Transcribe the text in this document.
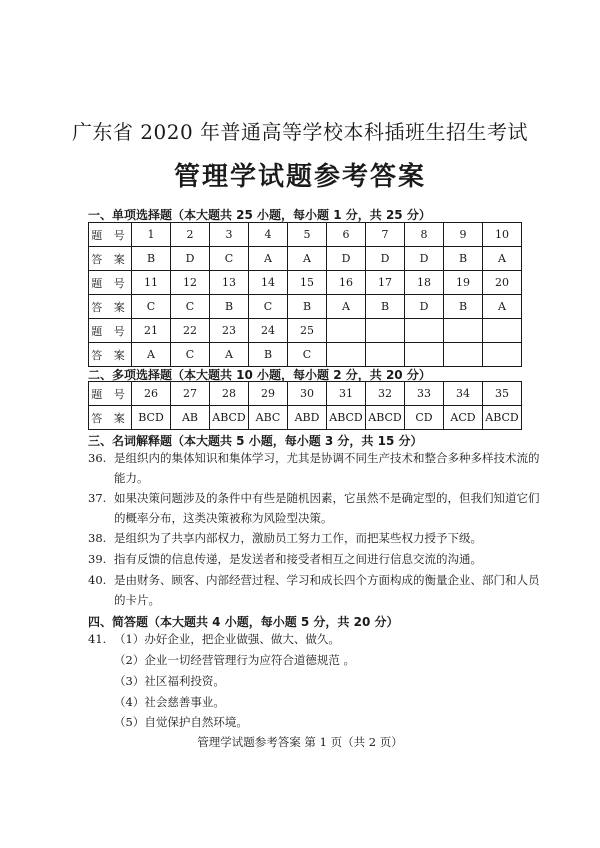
广东省 2020 年普通高等学校本科插班生招生考试
管理学试题参考答案
一、单项选择题（本大题共 25 小题，每小题 1 分，共 25 分）
题 号	1	2	3	4	5	6	7	8	9	10
答 案	B	D	C	A	A	D	D	D	B	A
题 号	11	12	13	14	15	16	17	18	19	20
答 案	C	C	B	C	B	A	B	D	B	A
题 号	21	22	23	24	25					
答 案	A	C	A	B	C					
二、多项选择题（本大题共 10 小题，每小题 2 分，共 20 分）
题 号	26	27	28	29	30	31	32	33	34	35
答 案	BCD	AB	ABCD	ABC	ABD	ABCD	ABCD	CD	ACD	ABCD
三、名词解释题（本大题共 5 小题，每小题 3 分，共 15 分）
36. 是组织内的集体知识和集体学习，尤其是协调不同生产技术和整合多种多样技术流的
能力。
37. 如果决策问题涉及的条件中有些是随机因素，它虽然不是确定型的，但我们知道它们
的概率分布，这类决策被称为风险型决策。
38. 是组织为了共享内部权力，激励员工努力工作，而把某些权力授予下级。
39. 指有反馈的信息传递，是发送者和接受者相互之间进行信息交流的沟通。
40. 是由财务、顾客、内部经营过程、学习和成长四个方面构成的衡量企业、部门和人员
的卡片。
四、简答题（本大题共 4 小题，每小题 5 分，共 20 分）
41. （1）办好企业，把企业做强、做大、做久。
（2）企业一切经营管理行为应符合道德规范 。
（3）社区福利投资。
（4）社会慈善事业。
（5）自觉保护自然环境。
管理学试题参考答案 第 1 页（共 2 页）
